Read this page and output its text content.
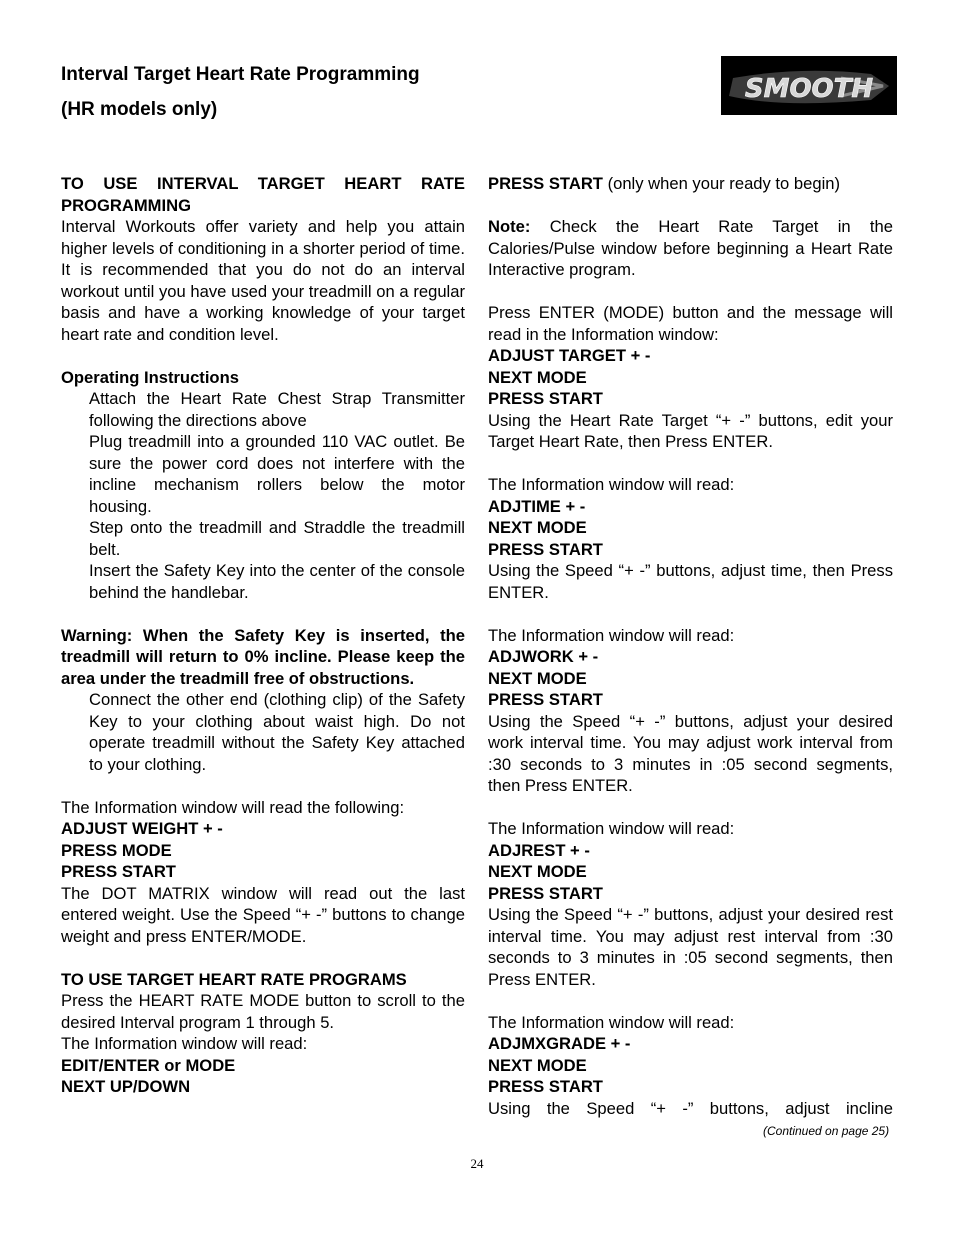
Interval Target Heart Rate Programming
(HR models only)
SMOOTH

TO USE INTERVAL TARGET HEART RATE PROGRAMMING

Interval Workouts offer variety and help you attain higher levels of conditioning in a shorter period of time. It is recommended that you do not do an interval workout until you have used your treadmill on a regular basis and have a working knowledge of your target heart rate and condition level.

Operating Instructions

Attach the Heart Rate Chest Strap Transmitter following the directions above

Plug treadmill into a grounded 110 VAC outlet. Be sure the power cord does not interfere with the incline mechanism rollers below the motor housing.

Step onto the treadmill and Straddle the treadmill belt.

Insert the Safety Key into the center of the console behind the handlebar.

Warning: When the Safety Key is inserted, the treadmill will return to 0% incline. Please keep the area under the treadmill free of obstructions.

Connect the other end (clothing clip) of the Safety Key to your clothing about waist high. Do not operate treadmill without the Safety Key attached to your clothing.

The Information window will read the following:

ADJUST WEIGHT + -

PRESS MODE

PRESS START

The DOT MATRIX window will read out the last entered weight. Use the Speed “+ -” buttons to change weight and press ENTER/MODE.

TO USE TARGET HEART RATE PROGRAMS

Press the HEART RATE MODE button to scroll to the desired Interval program 1 through 5.

The Information window will read:

EDIT/ENTER or MODE

NEXT UP/DOWN

PRESS START (only when your ready to begin)

Note: Check the Heart Rate Target in the Calories/Pulse window before beginning a Heart Rate Interactive program.

Press ENTER (MODE) button and the message will read in the Information window:

ADJUST TARGET + -

NEXT MODE

PRESS START

Using the Heart Rate Target “+ -” buttons, edit your Target Heart Rate, then Press ENTER.

The Information window will read:

ADJTIME + -

NEXT MODE

PRESS START

Using the Speed “+ -” buttons, adjust time, then Press ENTER.

The Information window will read:

ADJWORK + -

NEXT MODE

PRESS START

Using the Speed “+ -” buttons, adjust your desired work interval time. You may adjust work interval from :30 seconds to 3 minutes in :05 second segments, then Press ENTER.

The Information window will read:

ADJREST + -

NEXT MODE

PRESS START

Using the Speed “+ -” buttons, adjust your desired rest interval time. You may adjust rest interval from :30 seconds to 3 minutes in :05 second segments, then Press ENTER.

The Information window will read:

ADJMXGRADE + -

NEXT MODE

PRESS START

Using the Speed “+ -” buttons, adjust incline

(Continued on page 25)
24
